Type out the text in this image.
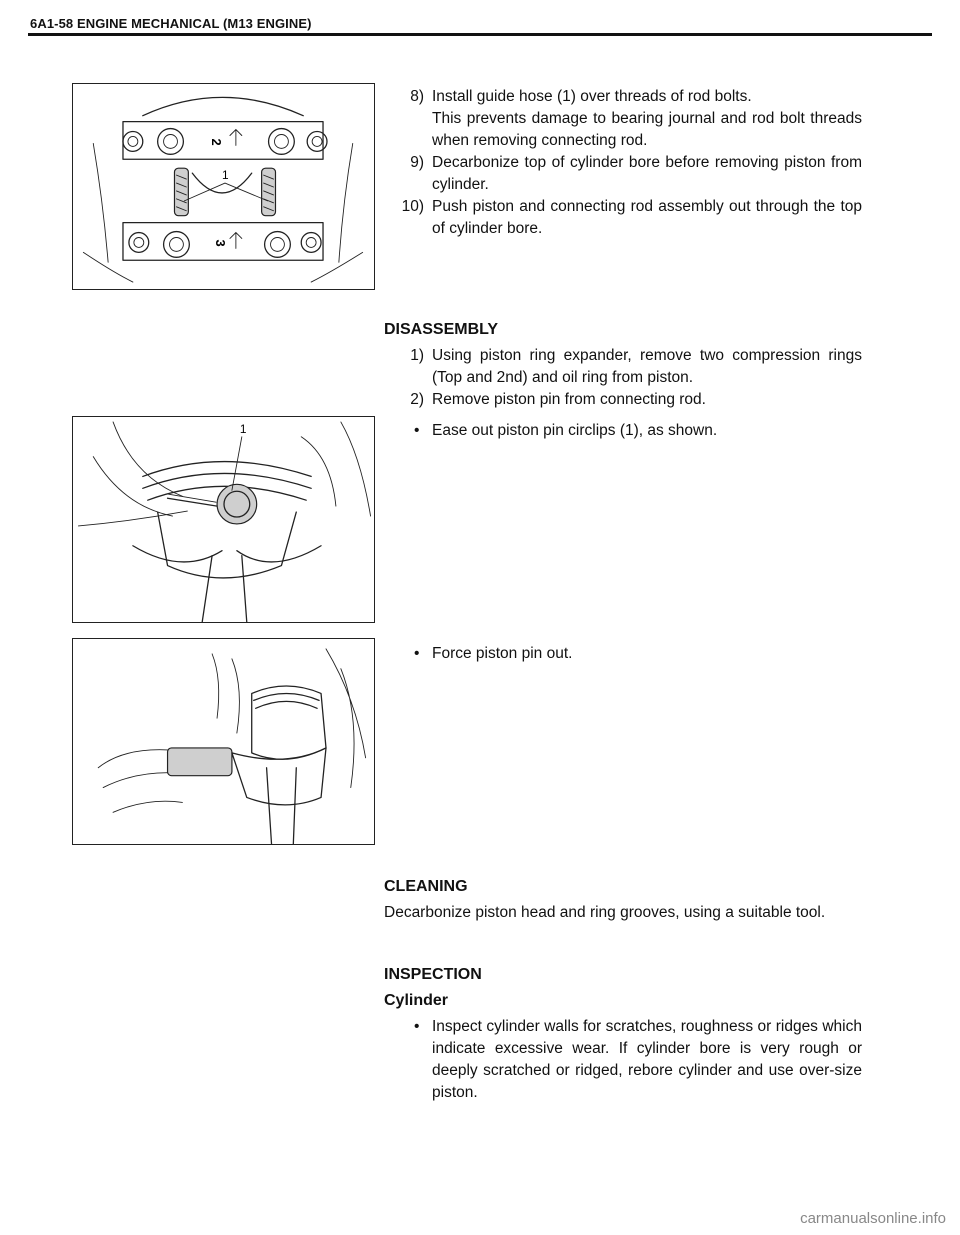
6A1-58 ENGINE MECHANICAL (M13 ENGINE)
2
1
3
1

8) Install guide hose (1) over threads of rod bolts.

This prevents damage to bearing journal and rod bolt threads when removing connecting rod.

9) Decarbonize top of cylinder bore before removing piston from cylinder.

10) Push piston and connecting rod assembly out through the top of cylinder bore.

DISASSEMBLY

1) Using piston ring expander, remove two compression rings (Top and 2nd) and oil ring from piston.

2) Remove piston pin from connecting rod.

• Ease out piston pin circlips (1), as shown.

• Force piston pin out.

CLEANING

Decarbonize piston head and ring grooves, using a suitable tool.

INSPECTION

Cylinder

• Inspect cylinder walls for scratches, roughness or ridges which indicate excessive wear. If cylinder bore is very rough or deeply scratched or ridged, rebore cylinder and use over-size piston.

carmanualsonline.info
